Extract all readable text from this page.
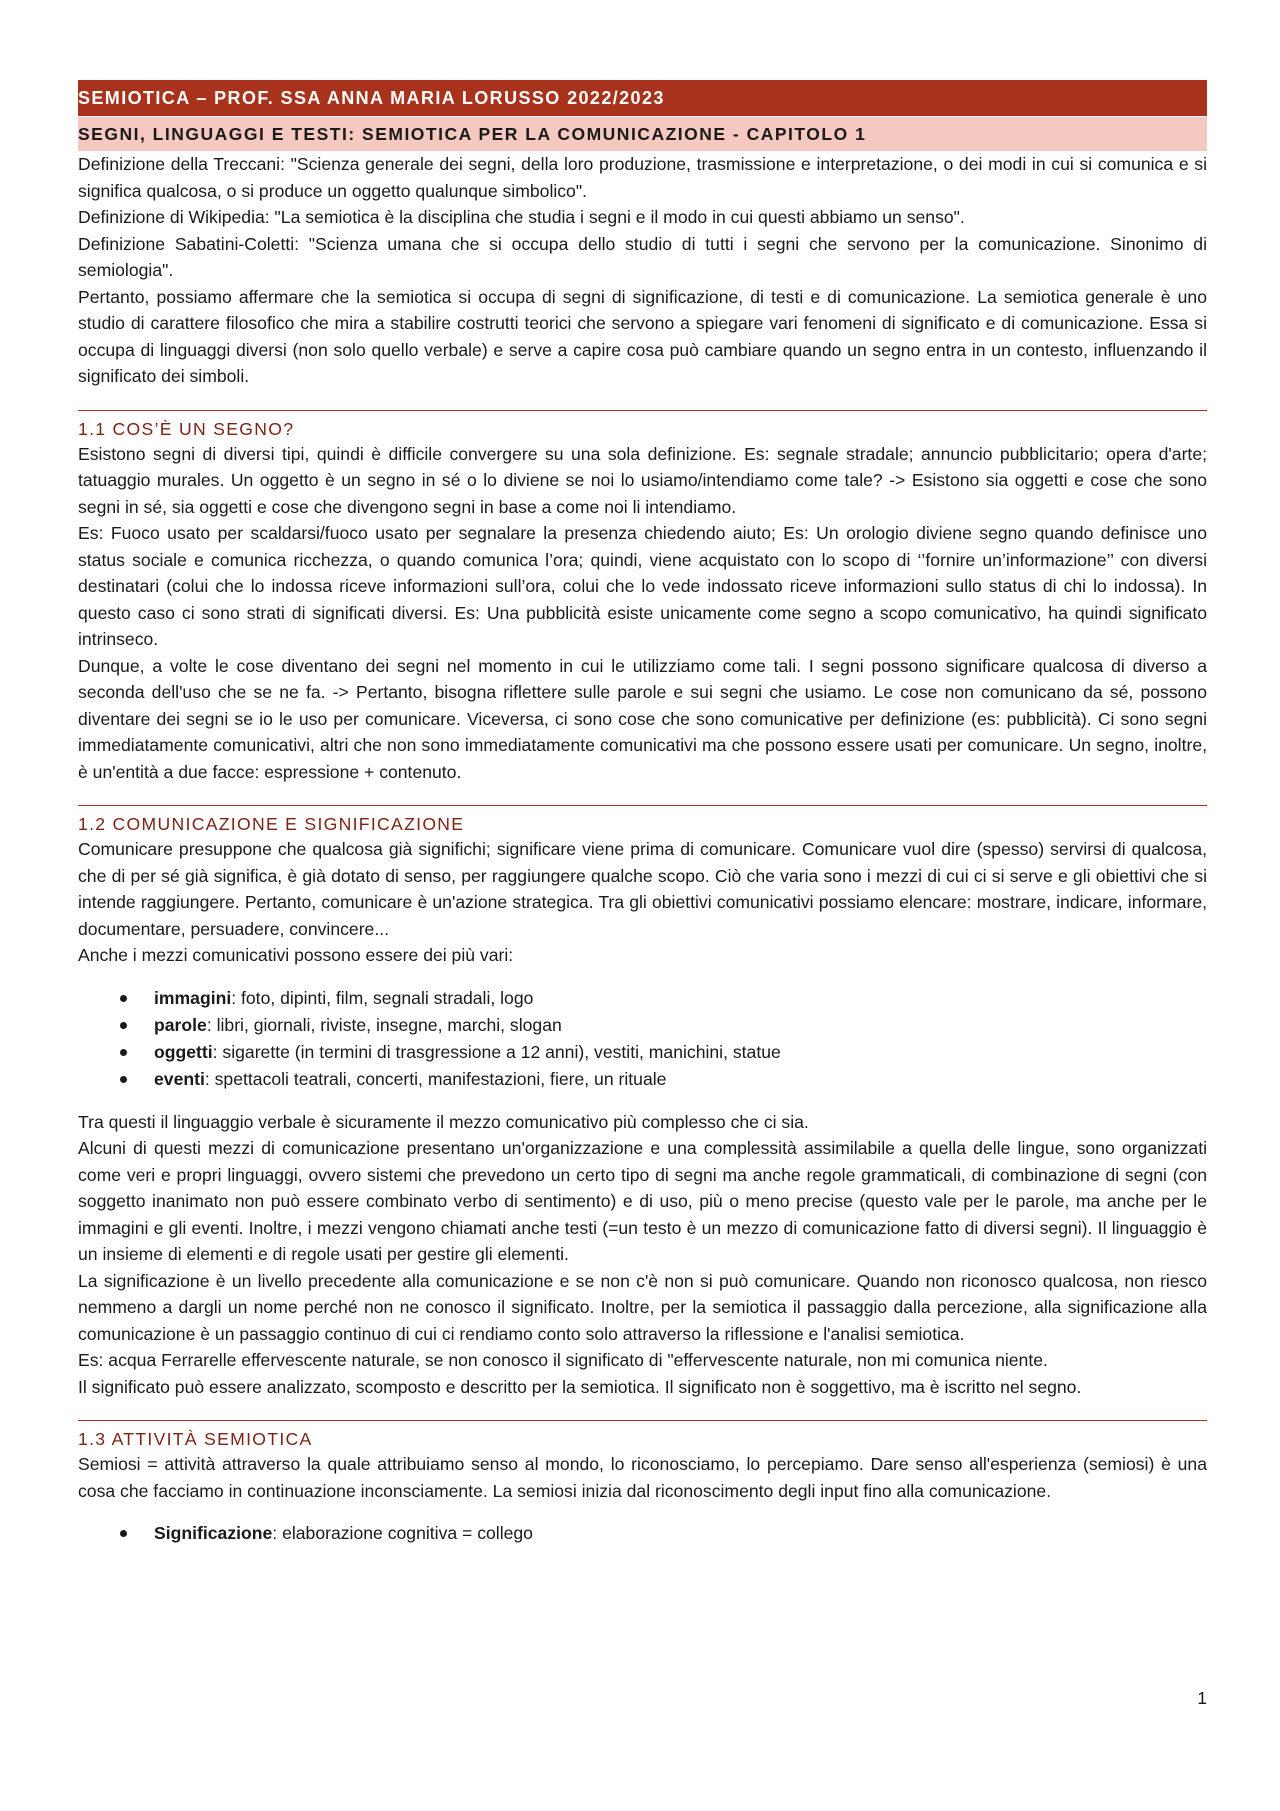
SEMIOTICA – PROF. SSA ANNA MARIA LORUSSO 2022/2023
SEGNI, LINGUAGGI E TESTI: SEMIOTICA PER LA COMUNICAZIONE - CAPITOLO 1

Definizione della Treccani: "Scienza generale dei segni, della loro produzione, trasmissione e interpretazione, o dei modi in cui si comunica e si significa qualcosa, o si produce un oggetto qualunque simbolico".

Definizione di Wikipedia: "La semiotica è la disciplina che studia i segni e il modo in cui questi abbiamo un senso".

Definizione Sabatini-Coletti: "Scienza umana che si occupa dello studio di tutti i segni che servono per la comunicazione. Sinonimo di semiologia".

Pertanto, possiamo affermare che la semiotica si occupa di segni di significazione, di testi e di comunicazione. La semiotica generale è uno studio di carattere filosofico che mira a stabilire costrutti teorici che servono a spiegare vari fenomeni di significato e di comunicazione. Essa si occupa di linguaggi diversi (non solo quello verbale) e serve a capire cosa può cambiare quando un segno entra in un contesto, influenzando il significato dei simboli.

1.1 COS’È UN SEGNO?

Esistono segni di diversi tipi, quindi è difficile convergere su una sola definizione. Es: segnale stradale; annuncio pubblicitario; opera d'arte; tatuaggio murales. Un oggetto è un segno in sé o lo diviene se noi lo usiamo/intendiamo come tale? -> Esistono sia oggetti e cose che sono segni in sé, sia oggetti e cose che divengono segni in base a come noi li intendiamo.

Es: Fuoco usato per scaldarsi/fuoco usato per segnalare la presenza chiedendo aiuto; Es: Un orologio diviene segno quando definisce uno status sociale e comunica ricchezza, o quando comunica l’ora; quindi, viene acquistato con lo scopo di ‘’fornire un’informazione’’ con diversi destinatari (colui che lo indossa riceve informazioni sull’ora, colui che lo vede indossato riceve informazioni sullo status di chi lo indossa). In questo caso ci sono strati di significati diversi. Es: Una pubblicità esiste unicamente come segno a scopo comunicativo, ha quindi significato intrinseco.

Dunque, a volte le cose diventano dei segni nel momento in cui le utilizziamo come tali. I segni possono significare qualcosa di diverso a seconda dell'uso che se ne fa. -> Pertanto, bisogna riflettere sulle parole e sui segni che usiamo. Le cose non comunicano da sé, possono diventare dei segni se io le uso per comunicare. Viceversa, ci sono cose che sono comunicative per definizione (es: pubblicità). Ci sono segni immediatamente comunicativi, altri che non sono immediatamente comunicativi ma che possono essere usati per comunicare. Un segno, inoltre, è un'entità a due facce: espressione + contenuto.

1.2 COMUNICAZIONE E SIGNIFICAZIONE

Comunicare presuppone che qualcosa già significhi; significare viene prima di comunicare. Comunicare vuol dire (spesso) servirsi di qualcosa, che di per sé già significa, è già dotato di senso, per raggiungere qualche scopo. Ciò che varia sono i mezzi di cui ci si serve e gli obiettivi che si intende raggiungere. Pertanto, comunicare è un'azione strategica. Tra gli obiettivi comunicativi possiamo elencare: mostrare, indicare, informare, documentare, persuadere, convincere...

Anche i mezzi comunicativi possono essere dei più vari:

immagini: foto, dipinti, film, segnali stradali, logo
parole: libri, giornali, riviste, insegne, marchi, slogan
oggetti: sigarette (in termini di trasgressione a 12 anni), vestiti, manichini, statue
eventi: spettacoli teatrali, concerti, manifestazioni, fiere, un rituale

Tra questi il linguaggio verbale è sicuramente il mezzo comunicativo più complesso che ci sia.

Alcuni di questi mezzi di comunicazione presentano un'organizzazione e una complessità assimilabile a quella delle lingue, sono organizzati come veri e propri linguaggi, ovvero sistemi che prevedono un certo tipo di segni ma anche regole grammaticali, di combinazione di segni (con soggetto inanimato non può essere combinato verbo di sentimento) e di uso, più o meno precise (questo vale per le parole, ma anche per le immagini e gli eventi. Inoltre, i mezzi vengono chiamati anche testi (=un testo è un mezzo di comunicazione fatto di diversi segni). Il linguaggio è un insieme di elementi e di regole usati per gestire gli elementi.

La significazione è un livello precedente alla comunicazione e se non c'è non si può comunicare. Quando non riconosco qualcosa, non riesco nemmeno a dargli un nome perché non ne conosco il significato. Inoltre, per la semiotica il passaggio dalla percezione, alla significazione alla comunicazione è un passaggio continuo di cui ci rendiamo conto solo attraverso la riflessione e l'analisi semiotica.

Es: acqua Ferrarelle effervescente naturale, se non conosco il significato di "effervescente naturale, non mi comunica niente.

Il significato può essere analizzato, scomposto e descritto per la semiotica. Il significato non è soggettivo, ma è iscritto nel segno.

1.3 ATTIVITÀ SEMIOTICA

Semiosi = attività attraverso la quale attribuiamo senso al mondo, lo riconosciamo, lo percepiamo. Dare senso all'esperienza (semiosi) è una cosa che facciamo in continuazione inconsciamente. La semiosi inizia dal riconoscimento degli input fino alla comunicazione.

Significazione: elaborazione cognitiva = collego
1
